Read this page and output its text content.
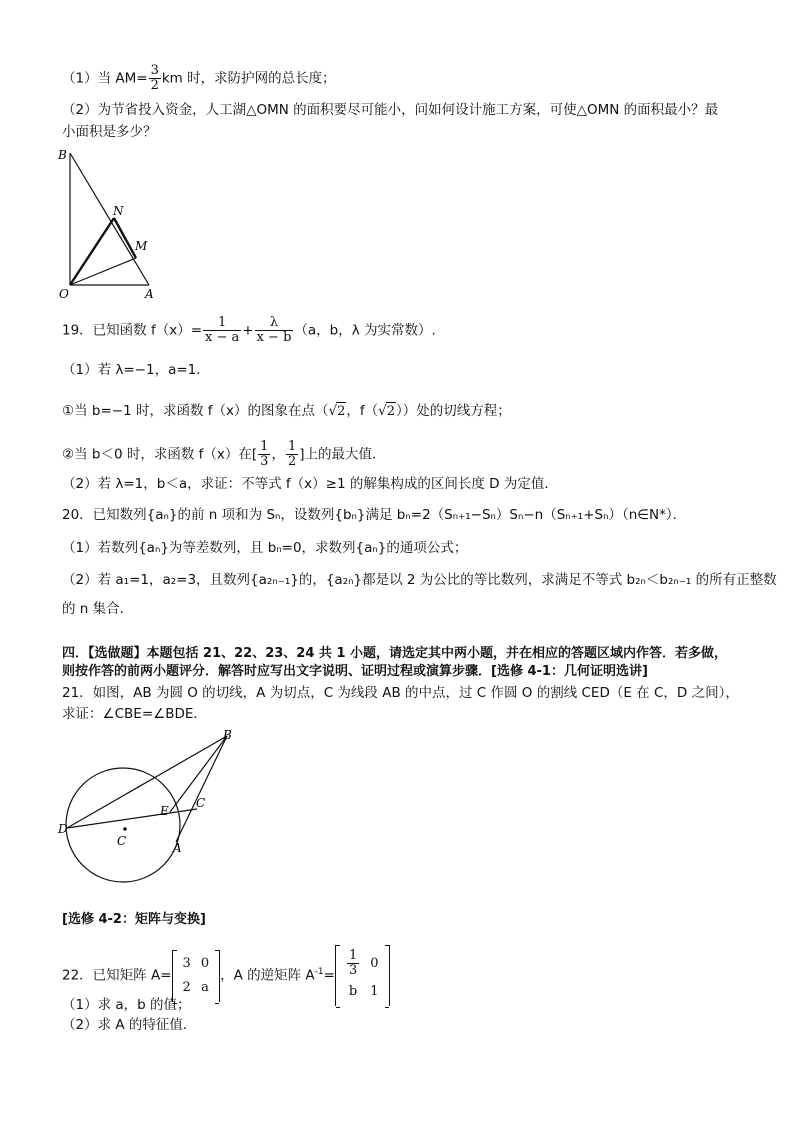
（1）当 $AM= \frac{3}{2}$ km 时，求防护网的总长度；
（2）为节省投入资金，人工湖△OMN 的面积要尽可能小，问如何设计施工方案，可使△OMN 的面积最小？最
小面积是多少？
B
N
M
O	A
19．已知函数 $f(x)= \frac{1}{x - a} + \frac{\lambda}{x - b} (a$，b，λ 为实常数）.
（1）若 λ=−1，a=1．
①当 b=−1 时，求函数 f（x）的图象在点（√2，f（√2））处的切线方程；
②当 b＜0 时，求函数 f（x）在[ $\frac{1}{3}$ ， $\frac{1}{2}$ ]上的最大值．
（2）若 λ=1，b＜a，求证：不等式 f（x）≥1 的解集构成的区间长度 D 为定值．
20．已知数列{aₙ}的前 n 项和为 Sₙ，设数列{bₙ}满足 bₙ=2（Sₙ₊₁−Sₙ）Sₙ−n（Sₙ₊₁+Sₙ）（n∈N*）．
（1）若数列{aₙ}为等差数列，且 bₙ=0，求数列{aₙ}的通项公式；
（2）若 a₁=1，a₂=3，且数列{a₂ₙ₋₁}的，{a₂ₙ}都是以 2 为公比的等比数列，求满足不等式 b₂ₙ＜b₂ₙ₋₁ 的所有正整数
的 n 集合．
四．【选做题】本题包括 21、22、23、24 共 1 小题，请选定其中两小题，并在相应的答题区域内作答．若多做，
则按作答的前两小题评分．解答时应写出文字说明、证明过程或演算步骤．[选修 4-1：几何证明选讲]
21．如图，AB 为圆 O 的切线，A 为切点，C 为线段 AB 的中点，过 C 作圆 O 的割线 CED（E 在 C，D 之间），
求证：∠CBE=∠BDE．
B
C
E
D
C	A
[选修 4-2：矩阵与变换]
22．已知矩阵 A=
3	0
2	a
，A 的逆矩阵 $A^{-1}= \frac{1}{3}$	0
b	1
（1）求 a，b 的值；
（2）求 A 的特征值．
